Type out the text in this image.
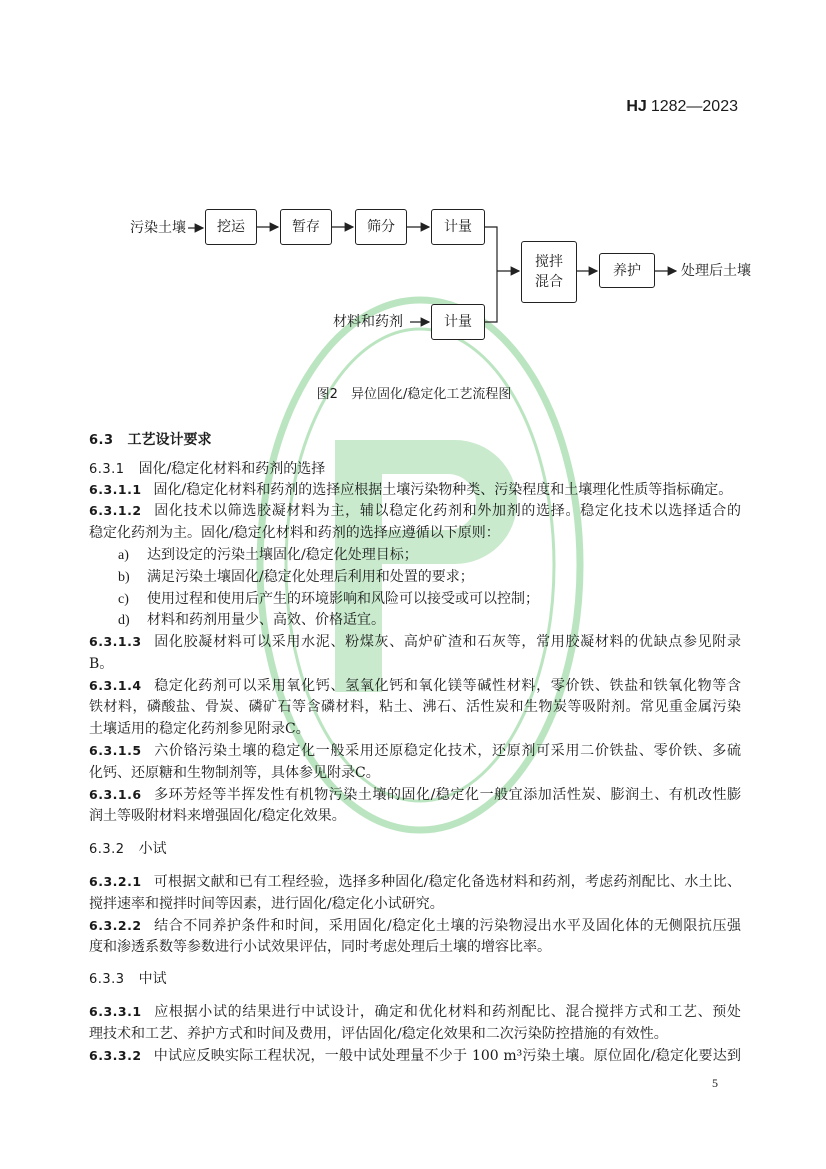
HJ 1282—2023
污染土壤	挖运	暂存	筛分	计量
材料和药剂	计量
搅拌
混合
养护	处理后土壤
图2　异位固化/稳定化工艺流程图
6.3 工艺设计要求
6.3.1 固化/稳定化材料和药剂的选择
6.3.1.1 固化/稳定化材料和药剂的选择应根据土壤污染物种类、污染程度和土壤理化性质等指标确定。
6.3.1.2 固化技术以筛选胶凝材料为主，辅以稳定化药剂和外加剂的选择。稳定化技术以选择适合的
稳定化药剂为主。固化/稳定化材料和药剂的选择应遵循以下原则：
a) 达到设定的污染土壤固化/稳定化处理目标；
b) 满足污染土壤固化/稳定化处理后利用和处置的要求；
c) 使用过程和使用后产生的环境影响和风险可以接受或可以控制；
d) 材料和药剂用量少、高效、价格适宜。
6.3.1.3 固化胶凝材料可以采用水泥、粉煤灰、高炉矿渣和石灰等，常用胶凝材料的优缺点参见附录
B。
6.3.1.4 稳定化药剂可以采用氧化钙、氢氧化钙和氧化镁等碱性材料，零价铁、铁盐和铁氧化物等含
铁材料，磷酸盐、骨炭、磷矿石等含磷材料，粘土、沸石、活性炭和生物炭等吸附剂。常见重金属污染
土壤适用的稳定化药剂参见附录C。
6.3.1.5 六价铬污染土壤的稳定化一般采用还原稳定化技术，还原剂可采用二价铁盐、零价铁、多硫
化钙、还原糖和生物制剂等，具体参见附录C。
6.3.1.6 多环芳烃等半挥发性有机物污染土壤的固化/稳定化一般宜添加活性炭、膨润土、有机改性膨
润土等吸附材料来增强固化/稳定化效果。
6.3.2 小试
6.3.2.1 可根据文献和已有工程经验，选择多种固化/稳定化备选材料和药剂，考虑药剂配比、水土比、
搅拌速率和搅拌时间等因素，进行固化/稳定化小试研究。
6.3.2.2 结合不同养护条件和时间，采用固化/稳定化土壤的污染物浸出水平及固化体的无侧限抗压强
度和渗透系数等参数进行小试效果评估，同时考虑处理后土壤的增容比率。
6.3.3 中试
6.3.3.1 应根据小试的结果进行中试设计，确定和优化材料和药剂配比、混合搅拌方式和工艺、预处
理技术和工艺、养护方式和时间及费用，评估固化/稳定化效果和二次污染防控措施的有效性。
6.3.3.2 中试应反映实际工程状况，一般中试处理量不少于 100 m³污染土壤。原位固化/稳定化要达到
5
